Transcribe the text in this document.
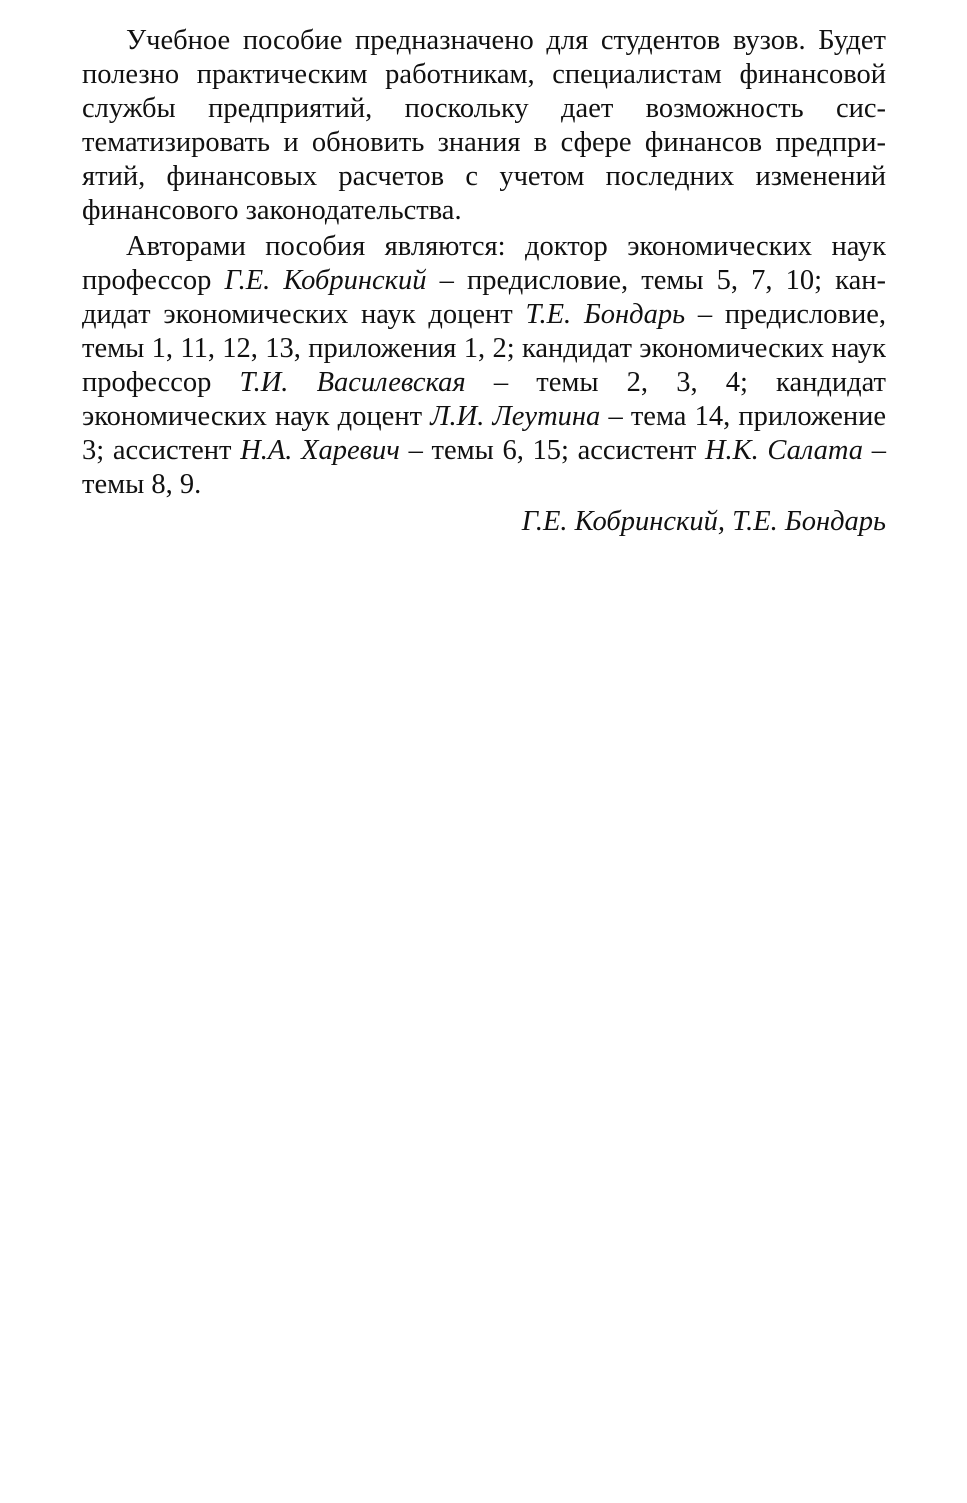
Учебное пособие предназначено для студентов вузов. Будет полезно практическим работникам, специалистам финансовой службы предприятий, поскольку дает возможность систематизировать и обновить знания в сфере финансов предприятий, финансовых расчетов с учетом последних изменений финансового законодательства.

Авторами пособия являются: доктор экономических наук профессор Г.Е. Кобринский – предисловие, темы 5, 7, 10; кандидат экономических наук доцент Т.Е. Бондарь – предисловие, темы 1, 11, 12, 13, приложения 1, 2; кандидат экономических наук профессор Т.И. Василевская – темы 2, 3, 4; кандидат экономических наук доцент Л.И. Леутина – тема 14, приложение 3; ассистент Н.А. Харевич – темы 6, 15; ассистент Н.К. Салата – темы 8, 9.

Г.Е. Кобринский, Т.Е. Бондарь
